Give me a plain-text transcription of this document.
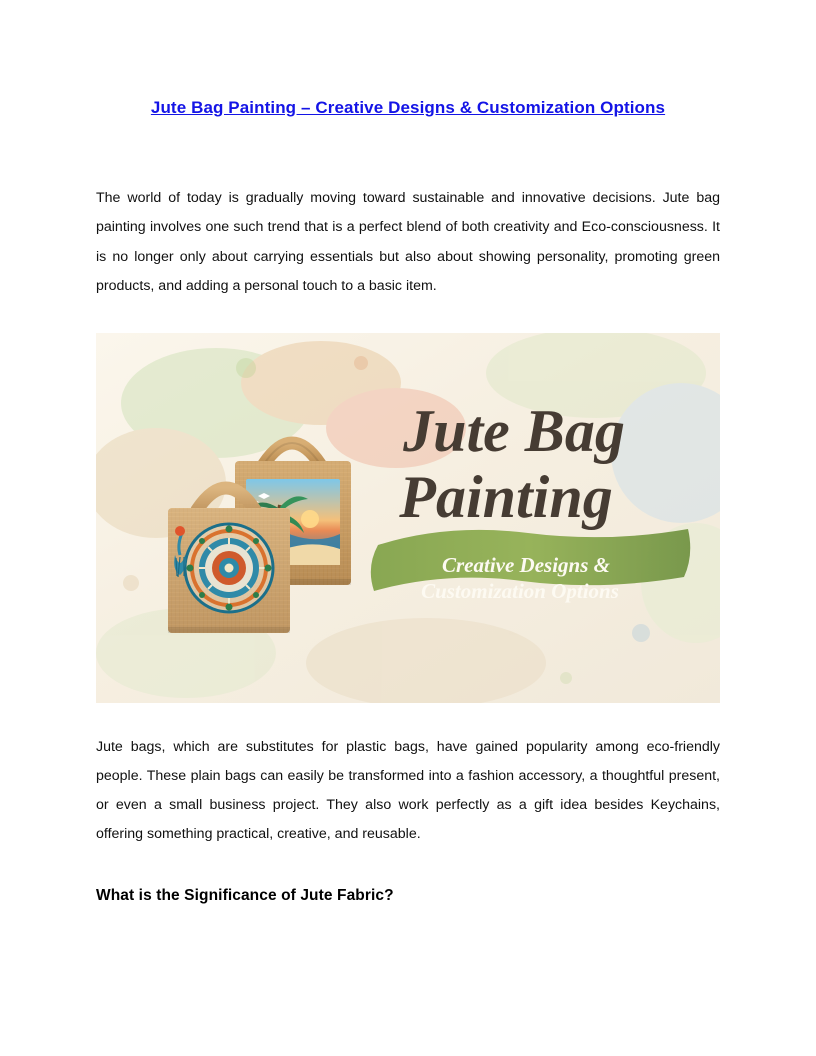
Jute Bag Painting – Creative Designs & Customization Options

The world of today is gradually moving toward sustainable and innovative decisions. Jute bag painting involves one such trend that is a perfect blend of both creativity and Eco-consciousness. It is no longer only about carrying essentials but also about showing personality, promoting green products, and adding a personal touch to a basic item.

Jute Bag
Painting
Creative Designs &
Customization Options

Jute bags, which are substitutes for plastic bags, have gained popularity among eco-friendly people. These plain bags can easily be transformed into a fashion accessory, a thoughtful present, or even a small business project. They also work perfectly as a gift idea besides Keychains, offering something practical, creative, and reusable.

What is the Significance of Jute Fabric?
